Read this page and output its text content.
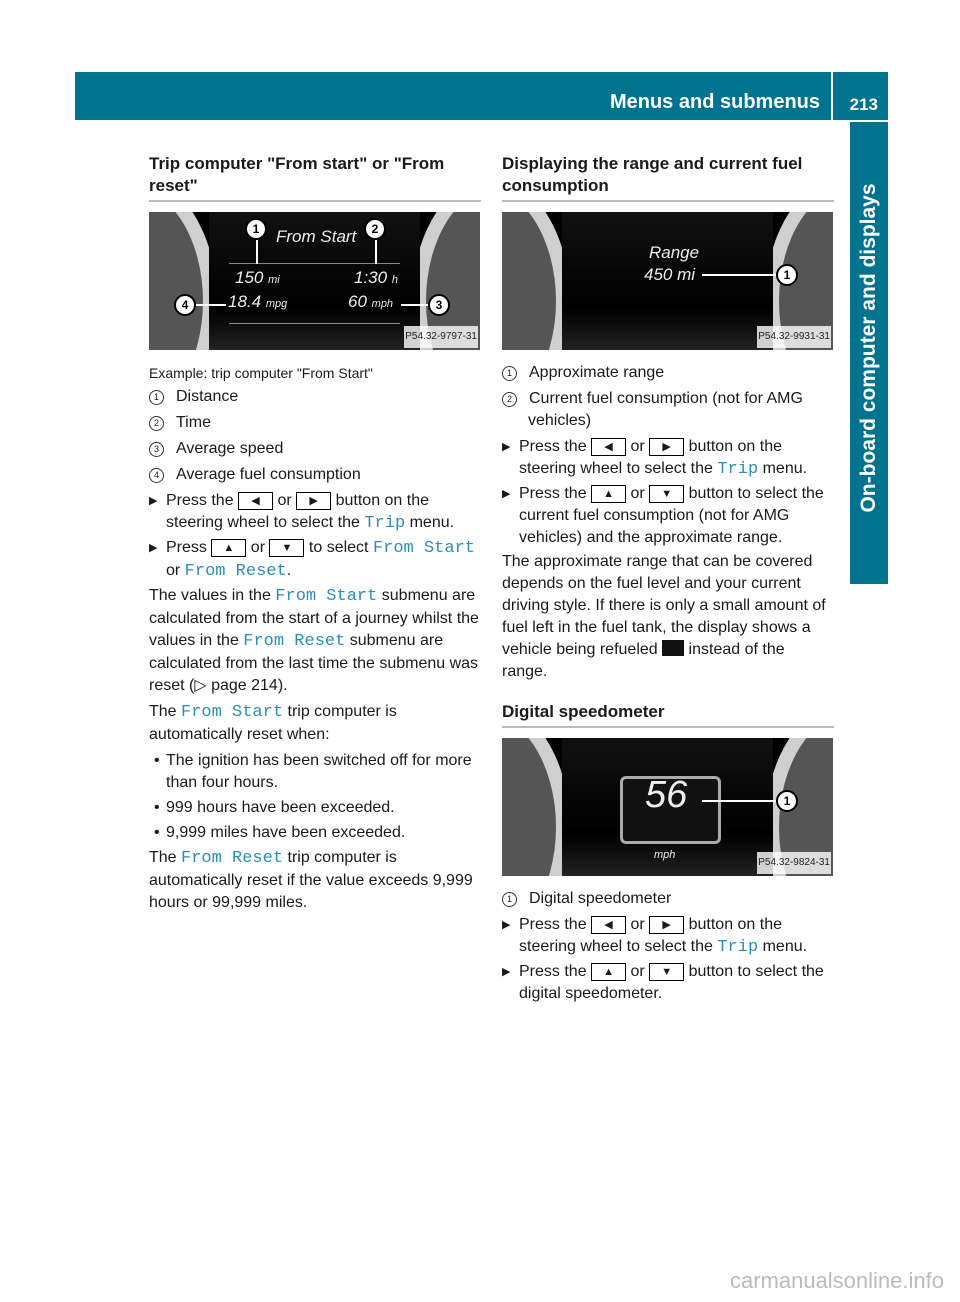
Menus and submenus 213
On-board computer and displays
Trip computer "From start" or "From reset"
From Start
150 mi	1:30 h
18.4 mpg	60 mph
1	2
3
4
P54.32-9797-31
Example: trip computer "From Start"
1 Distance
2 Time
3 Average speed
4 Average fuel consumption
▶ Press the ◀ or ▶ button on the steering wheel to select the Trip menu.
▶ Press ▲ or ▼ to select From Start or From Reset.
The values in the From Start submenu are calculated from the start of a journey whilst the values in the From Reset submenu are calculated from the last time the submenu was reset (▷ page 214).
The From Start trip computer is automatically reset when:
• The ignition has been switched off for more than four hours.
• 999 hours have been exceeded.
• 9,999 miles have been exceeded.
The From Reset trip computer is automatically reset if the value exceeds 9,999 hours or 99,999 miles.
Displaying the range and current fuel consumption
Range
450 mi	1
P54.32-9931-31
1 Approximate range
2 Current fuel consumption (not for AMG vehicles)
▶ Press the ◀ or ▶ button on the steering wheel to select the Trip menu.
▶ Press the ▲ or ▼ button to select the current fuel consumption (not for AMG vehicles) and the approximate range.
The approximate range that can be covered depends on the fuel level and your current driving style. If there is only a small amount of fuel left in the fuel tank, the display shows a vehicle being refueled  instead of the range.
Digital speedometer
56
mph
1
P54.32-9824-31
1 Digital speedometer
▶ Press the ◀ or ▶ button on the steering wheel to select the Trip menu.
▶ Press the ▲ or ▼ button to select the digital speedometer.
carmanualsonline.info
